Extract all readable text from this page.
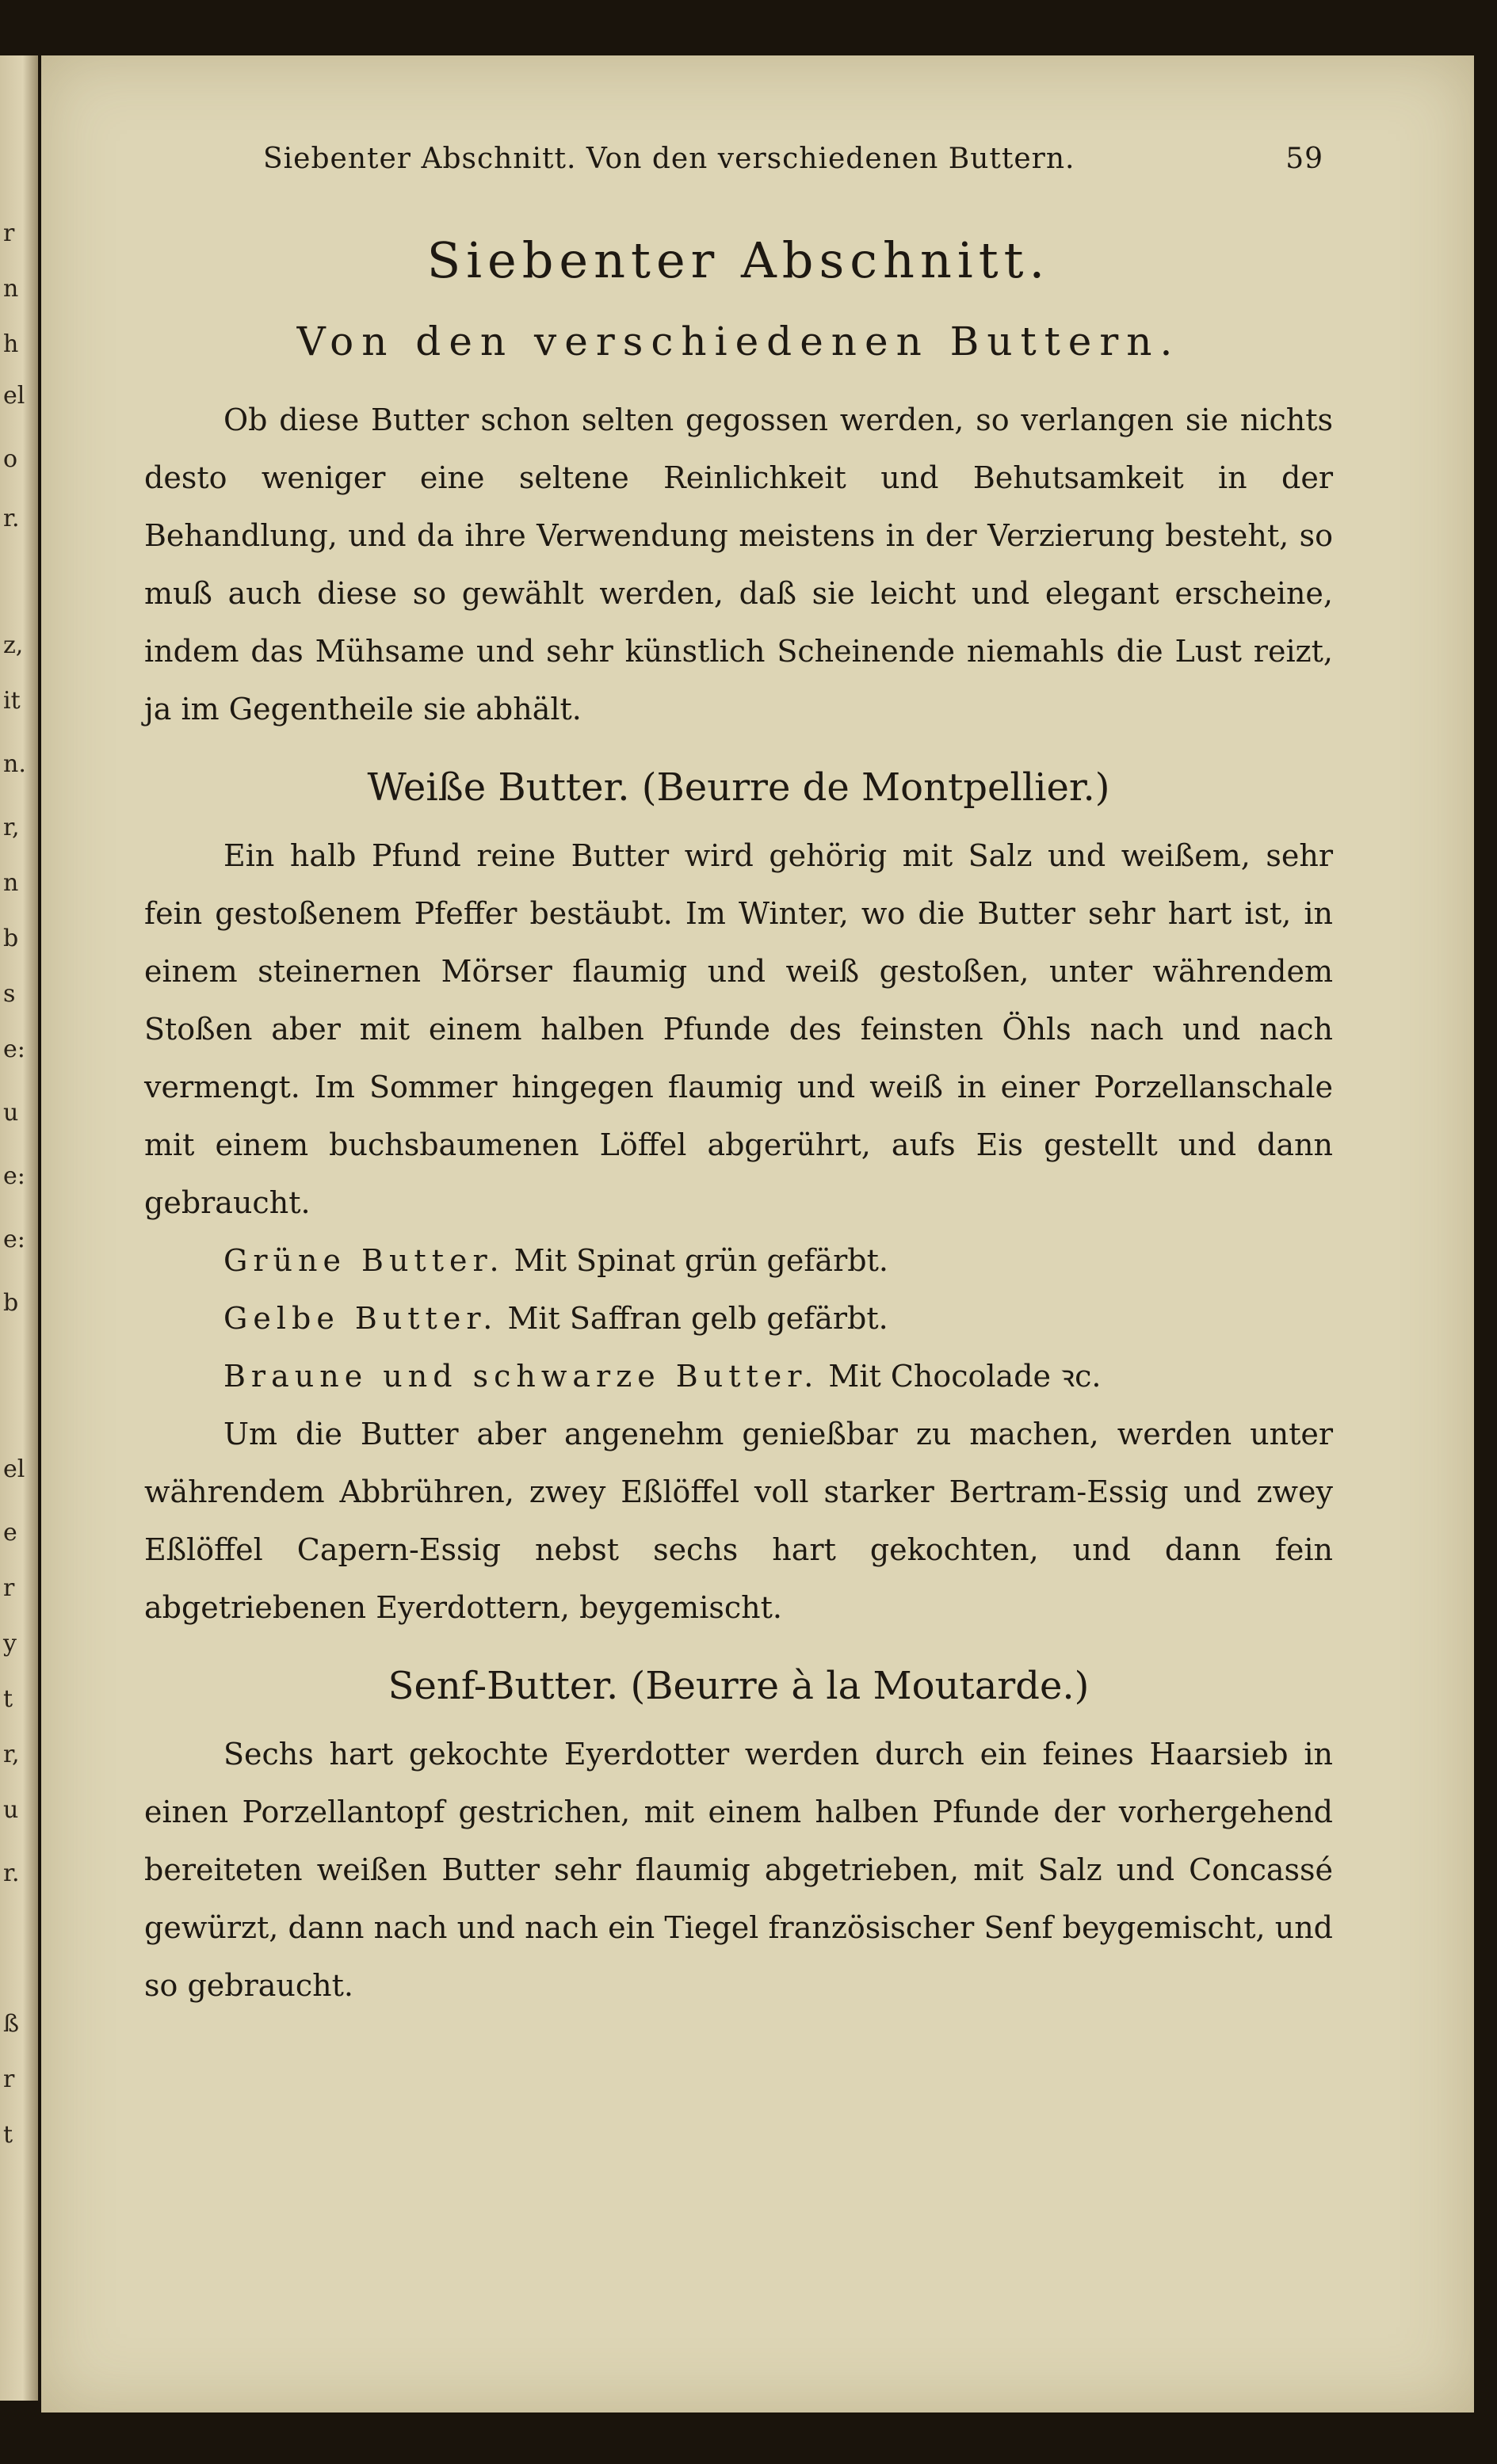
r
n
h
el
o
r.
z,
it
n.
r,
n
b
s
e:
u
e:
e:
b
el
e
r
y
t
r,
u
r.
ß
r
t
Siebenter Abschnitt. Von den verschiedenen Buttern.	59
Siebenter Abschnitt.
Von den verschiedenen Buttern.

Ob diese Butter schon selten gegossen werden, so verlangen sie nichts desto weniger eine seltene Reinlichkeit und Behutsamkeit in der Behandlung, und da ihre Verwendung meistens in der Verzierung besteht, so muß auch diese so gewählt werden, daß sie leicht und elegant erscheine, indem das Mühsame und sehr künstlich Scheinende niemahls die Lust reizt, ja im Gegentheile sie abhält.

Weiße Butter. (Beurre de Montpellier.)

Ein halb Pfund reine Butter wird gehörig mit Salz und weißem, sehr fein gestoßenem Pfeffer bestäubt. Im Winter, wo die Butter sehr hart ist, in einem steinernen Mörser flaumig und weiß gestoßen, unter währendem Stoßen aber mit einem halben Pfunde des feinsten Öhls nach und nach vermengt. Im Sommer hingegen flaumig und weiß in einer Porzellanschale mit einem buchsbaumenen Löffel abgerührt, aufs Eis gestellt und dann gebraucht.

Grüne Butter. Mit Spinat grün gefärbt.
Gelbe Butter. Mit Saffran gelb gefärbt.
Braune und schwarze Butter. Mit Chocolade ꝛc.

Um die Butter aber angenehm genießbar zu machen, werden unter währendem Abbrühren, zwey Eßlöffel voll starker Bertram-Essig und zwey Eßlöffel Capern-Essig nebst sechs hart gekochten, und dann fein abgetriebenen Eyerdottern, beygemischt.

Senf-Butter. (Beurre à la Moutarde.)

Sechs hart gekochte Eyerdotter werden durch ein feines Haarsieb in einen Porzellantopf gestrichen, mit einem halben Pfunde der vorhergehend bereiteten weißen Butter sehr flaumig abgetrieben, mit Salz und Concassé gewürzt, dann nach und nach ein Tiegel französischer Senf beygemischt, und so gebraucht.
